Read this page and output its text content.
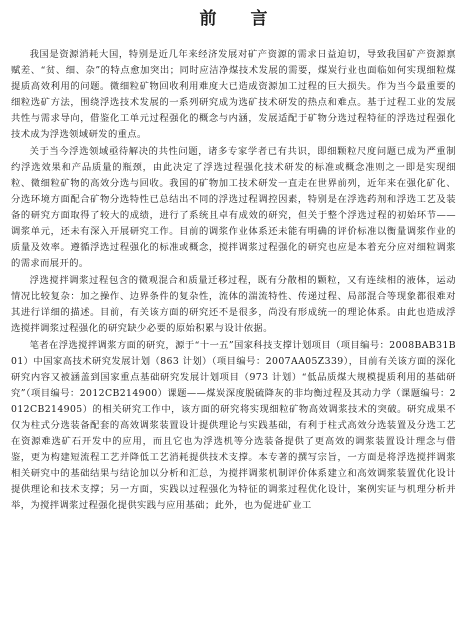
前 言

我国是资源消耗大国，特别是近几年来经济发展对矿产资源的需求日益迫切，导致我国矿产资源禀赋差、“贫、细、杂”的特点愈加突出；同时应洁净煤技术发展的需要，煤炭行业也面临如何实现细粒煤提质高效利用的问题。微细粒矿物回收利用难度大已造成资源加工过程的巨大损失。作为当今最重要的细粒选矿方法，围绕浮选技术发展的一系列研究成为选矿技术研发的热点和难点。基于过程工业的发展共性与需求导向，借鉴化工单元过程强化的概念与内涵，发展适配于矿物分选过程特征的浮选过程强化技术成为浮选领域研发的重点。

关于当今浮选领域亟待解决的共性问题，诸多专家学者已有共识，即细颗粒尺度问题已成为严重制约浮选效果和产品质量的瓶颈，由此决定了浮选过程强化技术研发的标准或概念准则之一即是实现细粒、微细粒矿物的高效分选与回收。我国的矿物加工技术研发一直走在世界前列，近年来在强化矿化、分选环境方面配合矿物分选特性已总结出不同的浮选过程调控因素，特别是在浮选药剂和浮选工艺及装备的研究方面取得了较大的成绩，进行了系统且卓有成效的研究，但关于整个浮选过程的初始环节——调浆单元，还未有深入开展研究工作。目前的调浆作业体系还未能有明确的评价标准以衡量调浆作业的质量及效率。遵循浮选过程强化的标准或概念，搅拌调浆过程强化的研究也应是本着充分应对细粒调浆的需求而展开的。

浮选搅拌调浆过程包含的微观混合和质量迁移过程，既有分散相的颗粒，又有连续相的液体，运动情况比较复杂：加之操作、边界条件的复杂性，流体的湍流特性、传递过程、局部混合等现象都很难对其进行详细的描述。目前，有关该方面的研究还不是很多，尚没有形成统一的理论体系。由此也造成浮选搅拌调浆过程强化的研究缺少必要的原始积累与设计依据。

笔者在浮选搅拌调浆方面的研究，源于“十一五”国家科技支撑计划项目（项目编号：2008BAB31B01）中国家高技术研究发展计划（863 计划）（项目编号：2007AA05Z339），目前有关该方面的深化研究内容又被涵盖到国家重点基础研究发展计划项目（973 计划）“低品质煤大规模提质利用的基础研究”（项目编号：2012CB214900）课题——煤炭深度脱硫降灰的非均衡过程及其动力学（课题编号：2012CB214905）的相关研究工作中，该方面的研究将实现细粒矿物高效调浆技术的突破。研究成果不仅为柱式分选装备配套的高效调浆装置设计提供理论与实践基础，有利于柱式高效分选装置及分选工艺在资源难选矿石开发中的应用，而且它也为浮选机等分选装备提供了更高效的调浆装置设计理念与借鉴，更为构建短流程工艺并降低工艺消耗提供技术支撑。本专著的撰写宗旨，一方面是将浮选搅拌调浆相关研究中的基础结果与结论加以分析和汇总，为搅拌调浆机制评价体系建立和高效调浆装置优化设计提供理论和技术支撑；另一方面，实践以过程强化为特征的调浆过程优化设计，案例实证与机理分析并举，为搅拌调浆过程强化提供实践与应用基础；此外，也为促进矿业工
